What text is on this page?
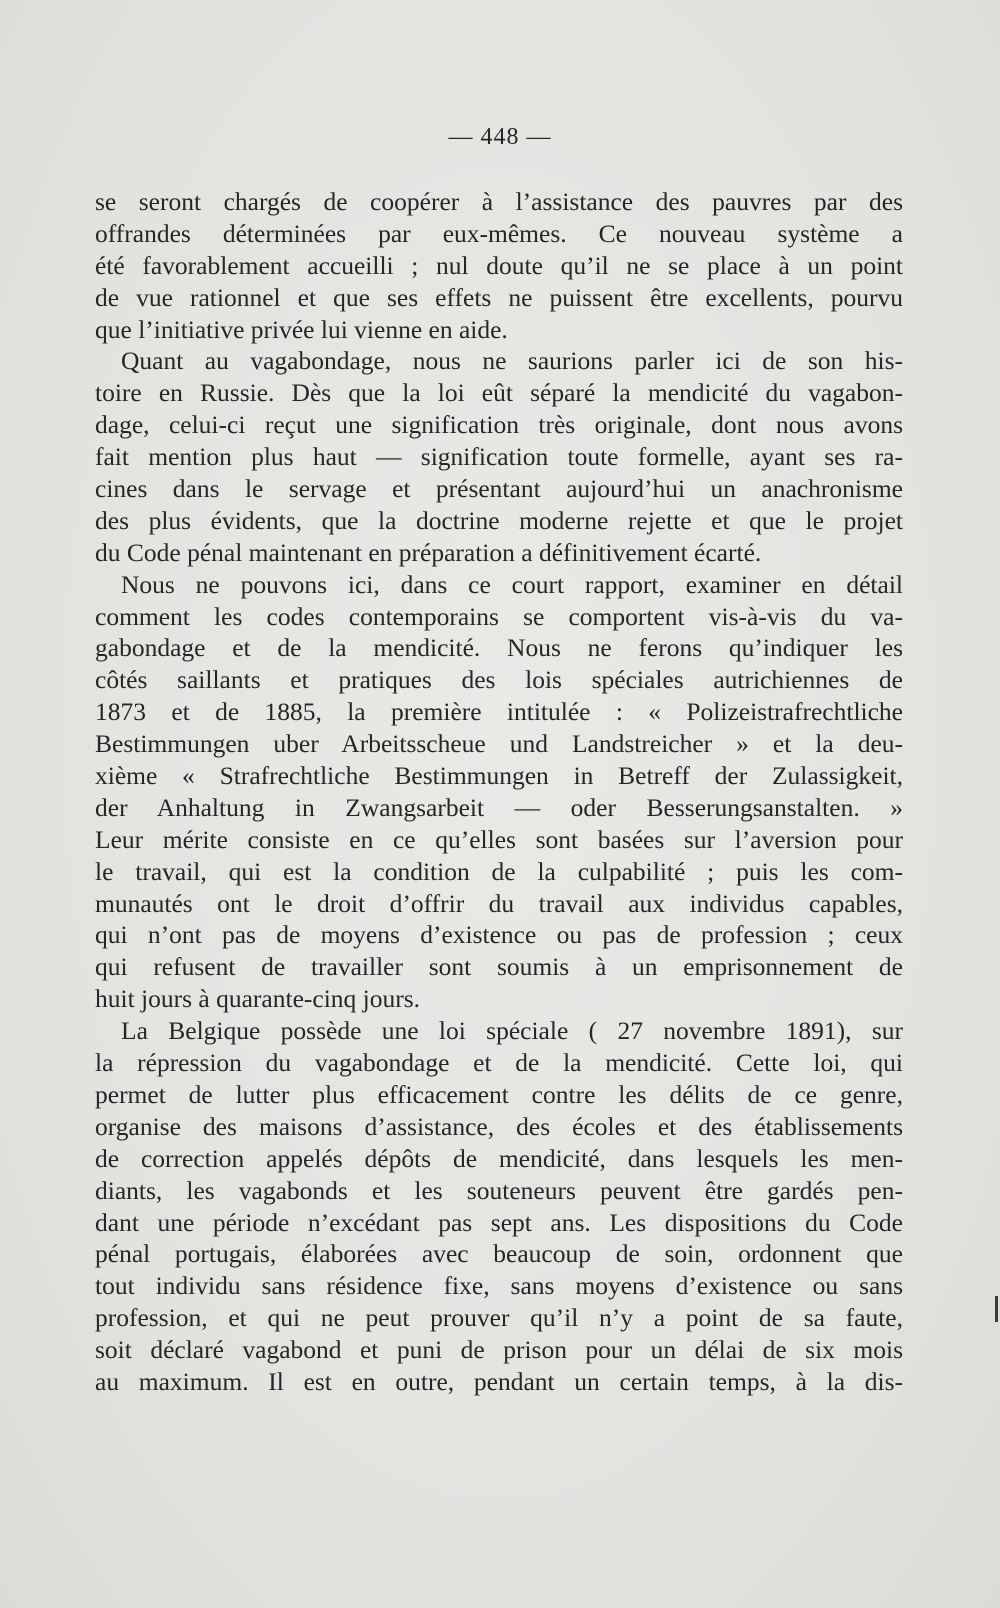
— 448 —
se seront chargés de coopérer à l’assistance des pauvres par des
offrandes déterminées par eux-mêmes. Ce nouveau système a
été favorablement accueilli ; nul doute qu’il ne se place à un point
de vue rationnel et que ses effets ne puissent être excellents, pourvu
que l’initiative privée lui vienne en aide.
Quant au vagabondage, nous ne saurions parler ici de son his-
toire en Russie. Dès que la loi eût séparé la mendicité du vagabon-
dage, celui-ci reçut une signification très originale, dont nous avons
fait mention plus haut — signification toute formelle, ayant ses ra-
cines dans le servage et présentant aujourd’hui un anachronisme
des plus évidents, que la doctrine moderne rejette et que le projet
du Code pénal maintenant en préparation a définitivement écarté.
Nous ne pouvons ici, dans ce court rapport, examiner en détail
comment les codes contemporains se comportent vis-à-vis du va-
gabondage et de la mendicité. Nous ne ferons qu’indiquer les
côtés saillants et pratiques des lois spéciales autrichiennes de
1873 et de 1885, la première intitulée : « Polizeistrafrechtliche
Bestimmungen uber Arbeitsscheue und Landstreicher » et la deu-
xième « Strafrechtliche Bestimmungen in Betreff der Zulassigkeit,
der Anhaltung in Zwangsarbeit — oder Besserungsanstalten. »
Leur mérite consiste en ce qu’elles sont basées sur l’aversion pour
le travail, qui est la condition de la culpabilité ; puis les com-
munautés ont le droit d’offrir du travail aux individus capables,
qui n’ont pas de moyens d’existence ou pas de profession ; ceux
qui refusent de travailler sont soumis à un emprisonnement de
huit jours à quarante-cinq jours.
La Belgique possède une loi spéciale ( 27 novembre 1891), sur
la répression du vagabondage et de la mendicité. Cette loi, qui
permet de lutter plus efficacement contre les délits de ce genre,
organise des maisons d’assistance, des écoles et des établissements
de correction appelés dépôts de mendicité, dans lesquels les men-
diants, les vagabonds et les souteneurs peuvent être gardés pen-
dant une période n’excédant pas sept ans. Les dispositions du Code
pénal portugais, élaborées avec beaucoup de soin, ordonnent que
tout individu sans résidence fixe, sans moyens d’existence ou sans
profession, et qui ne peut prouver qu’il n’y a point de sa faute,
soit déclaré vagabond et puni de prison pour un délai de six mois
au maximum. Il est en outre, pendant un certain temps, à la dis-
